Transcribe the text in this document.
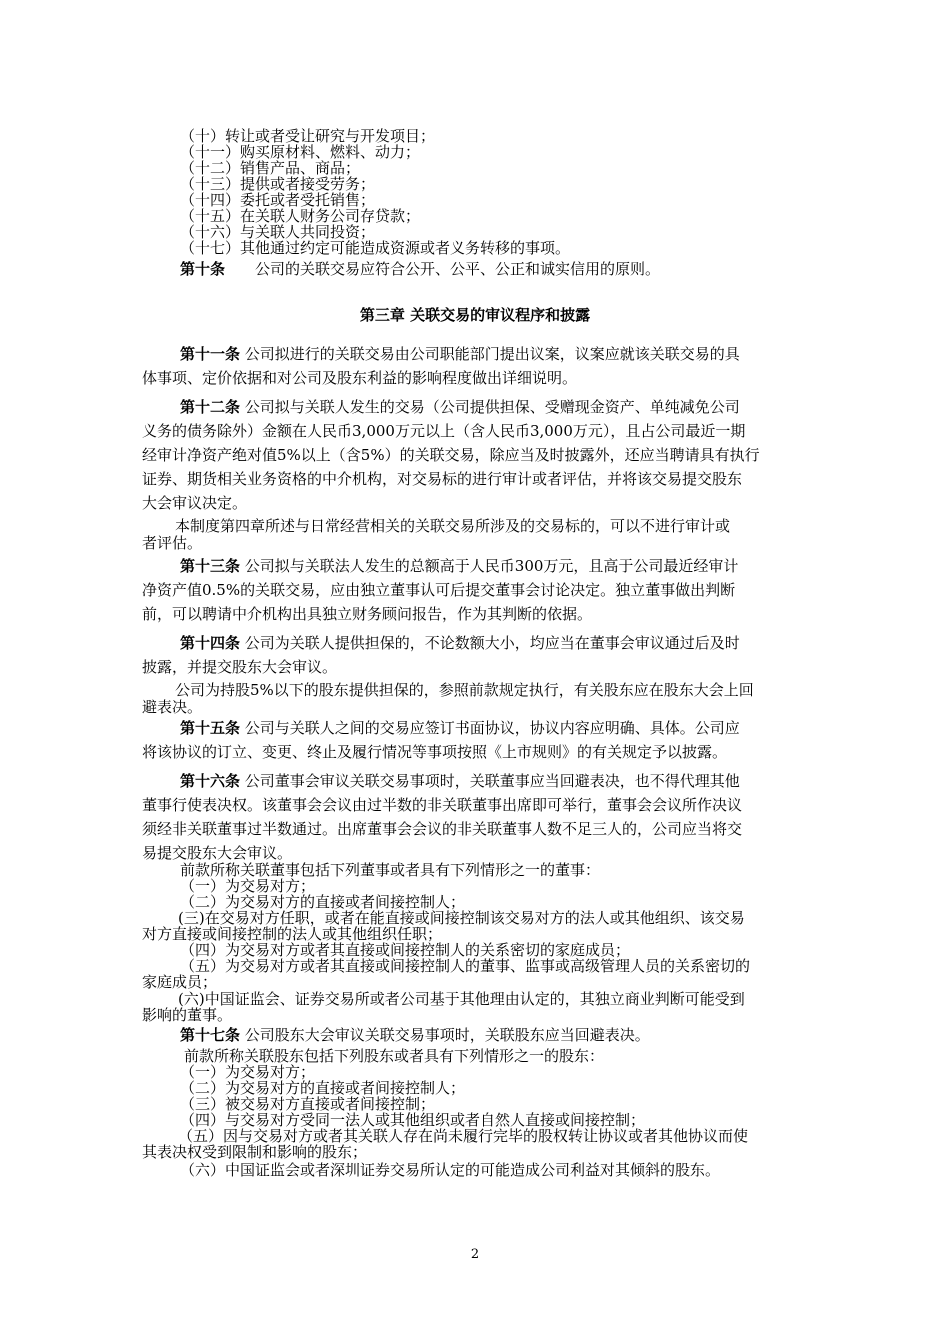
（十）转让或者受让研究与开发项目；
（十一）购买原材料、燃料、动力；
（十二）销售产品、商品；
（十三）提供或者接受劳务；
（十四）委托或者受托销售；
（十五）在关联人财务公司存贷款；
（十六）与关联人共同投资；
（十七）其他通过约定可能造成资源或者义务转移的事项。
第十条 公司的关联交易应符合公开、公平、公正和诚实信用的原则。
第三章 关联交易的审议程序和披露
第十一条 公司拟进行的关联交易由公司职能部门提出议案，议案应就该关联交易的具
体事项、定价依据和对公司及股东利益的影响程度做出详细说明。
第十二条 公司拟与关联人发生的交易（公司提供担保、受赠现金资产、单纯减免公司
义务的债务除外）金额在人民币3,000万元以上（含人民币3,000万元），且占公司最近一期
经审计净资产绝对值5%以上（含5%）的关联交易，除应当及时披露外，还应当聘请具有执行
证券、期货相关业务资格的中介机构，对交易标的进行审计或者评估，并将该交易提交股东
大会审议决定。
本制度第四章所述与日常经营相关的关联交易所涉及的交易标的，可以不进行审计或
者评估。
第十三条 公司拟与关联法人发生的总额高于人民币300万元，且高于公司最近经审计
净资产值0.5%的关联交易，应由独立董事认可后提交董事会讨论决定。独立董事做出判断
前，可以聘请中介机构出具独立财务顾问报告，作为其判断的依据。
第十四条 公司为关联人提供担保的，不论数额大小，均应当在董事会审议通过后及时
披露，并提交股东大会审议。
公司为持股5%以下的股东提供担保的，参照前款规定执行，有关股东应在股东大会上回
避表决。
第十五条 公司与关联人之间的交易应签订书面协议，协议内容应明确、具体。公司应
将该协议的订立、变更、终止及履行情况等事项按照《上市规则》的有关规定予以披露。
第十六条 公司董事会审议关联交易事项时，关联董事应当回避表决，也不得代理其他
董事行使表决权。该董事会会议由过半数的非关联董事出席即可举行，董事会会议所作决议
须经非关联董事过半数通过。出席董事会会议的非关联董事人数不足三人的，公司应当将交
易提交股东大会审议。
前款所称关联董事包括下列董事或者具有下列情形之一的董事：
（一）为交易对方；
（二）为交易对方的直接或者间接控制人；
(三)在交易对方任职，或者在能直接或间接控制该交易对方的法人或其他组织、该交易
对方直接或间接控制的法人或其他组织任职；
（四）为交易对方或者其直接或间接控制人的关系密切的家庭成员；
（五）为交易对方或者其直接或间接控制人的董事、监事或高级管理人员的关系密切的
家庭成员；
(六)中国证监会、证券交易所或者公司基于其他理由认定的，其独立商业判断可能受到
影响的董事。
第十七条 公司股东大会审议关联交易事项时，关联股东应当回避表决。
前款所称关联股东包括下列股东或者具有下列情形之一的股东：
（一）为交易对方；
（二）为交易对方的直接或者间接控制人；
（三）被交易对方直接或者间接控制；
（四）与交易对方受同一法人或其他组织或者自然人直接或间接控制；
（五）因与交易对方或者其关联人存在尚未履行完毕的股权转让协议或者其他协议而使
其表决权受到限制和影响的股东；
（六）中国证监会或者深圳证券交易所认定的可能造成公司利益对其倾斜的股东。
2
